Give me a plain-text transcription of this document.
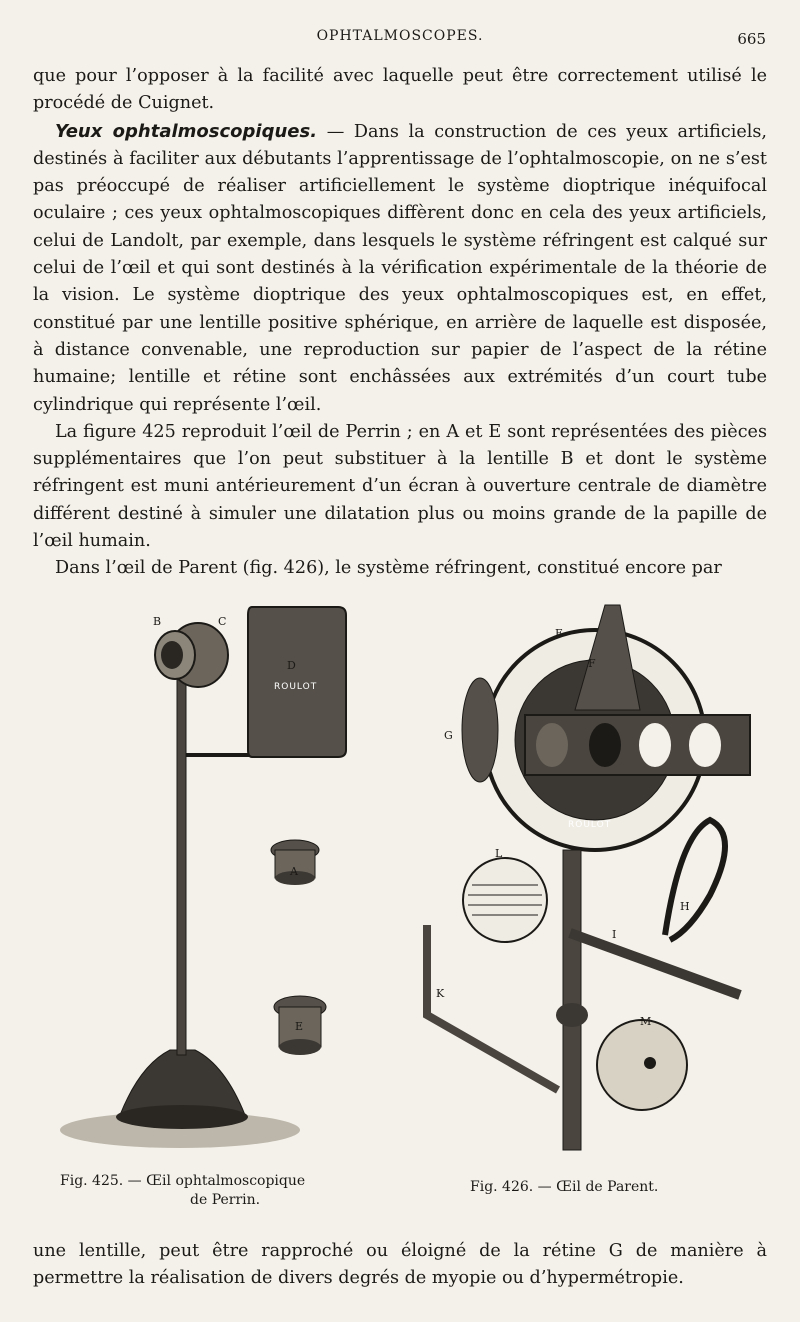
OPHTALMOSCOPES.	665

que pour l’opposer à la facilité avec laquelle peut être correctement utilisé le procédé de Cuignet.

Yeux ophtalmoscopiques. — Dans la construction de ces yeux artificiels, destinés à faciliter aux débutants l’apprentissage de l’ophtalmoscopie, on ne s’est pas préoccupé de réaliser artificiellement le système dioptrique inéquifocal oculaire ; ces yeux ophtalmoscopiques diffèrent donc en cela des yeux artificiels, celui de Landolt, par exemple, dans lesquels le système réfringent est calqué sur celui de l’œil et qui sont destinés à la vérification expérimentale de la théorie de la vision. Le système dioptrique des yeux ophtalmoscopiques est, en effet, constitué par une lentille positive sphérique, en arrière de laquelle est disposée, à distance convenable, une reproduction sur papier de l’aspect de la rétine humaine; lentille et rétine sont enchâssées aux extrémités d’un court tube cylindrique qui représente l’œil.

La figure 425 reproduit l’œil de Perrin ; en A et E sont représentées des pièces supplémentaires que l’on peut substituer à la lentille B et dont le système réfringent est muni antérieurement d’un écran à ouverture centrale de diamètre différent destiné à simuler une dilatation plus ou moins grande de la papille de l’œil humain.

Dans l’œil de Parent (fig. 426), le système réfringent, constitué encore par

B	C
D
ROULOT
A
E
E
F
G
L
H
I
K
M
ROULOT
Fig. 425. — Œil ophtalmoscopique
de Perrin.
Fig. 426. — Œil de Parent.

une lentille, peut être rapproché ou éloigné de la rétine G de manière à permettre la réalisation de divers degrés de myopie ou d’hypermétropie.
